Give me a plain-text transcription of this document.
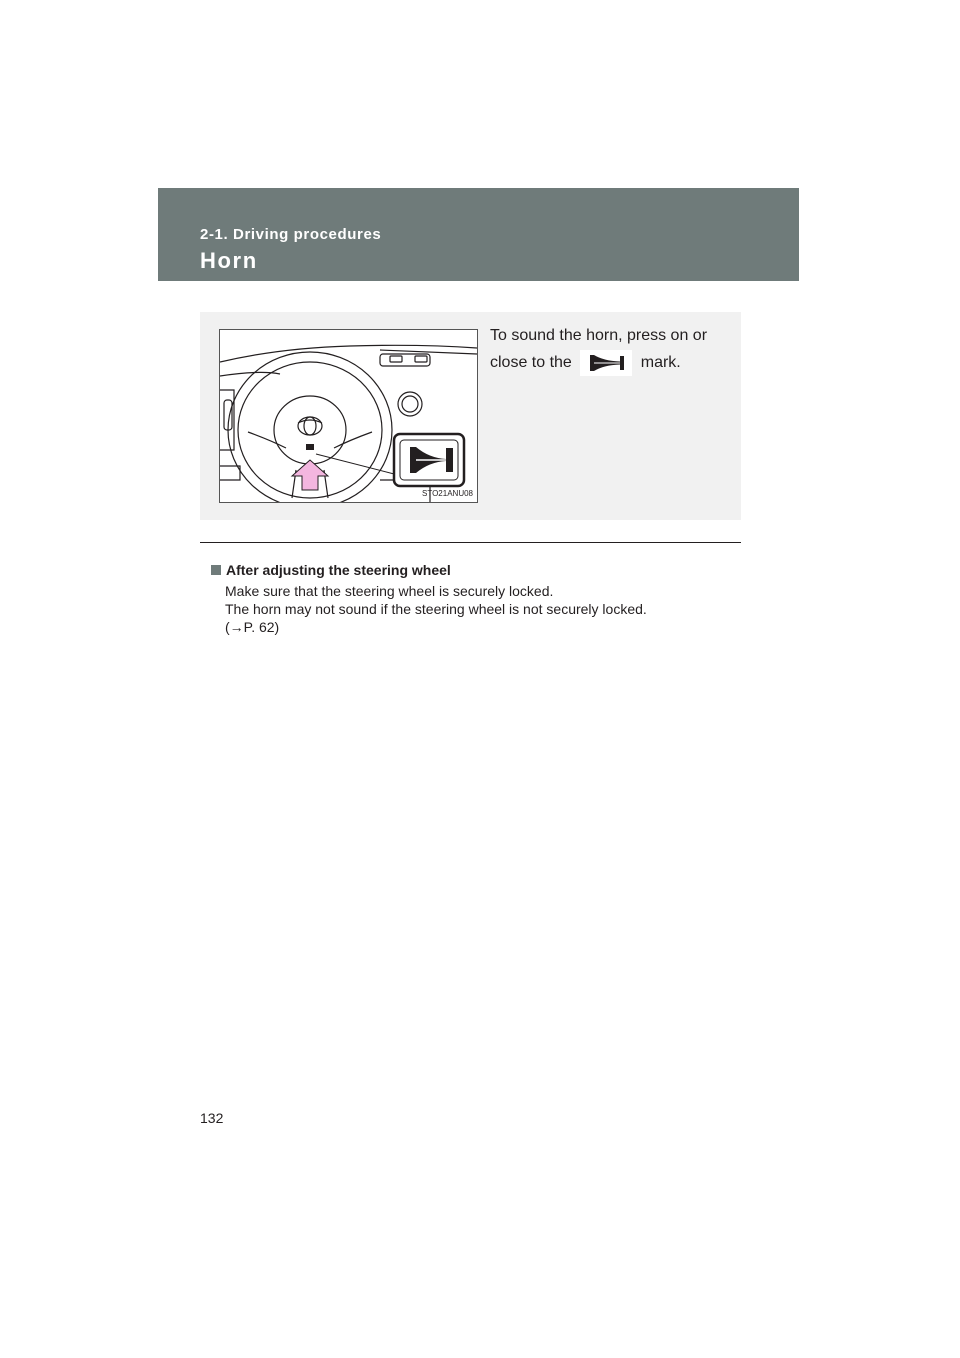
2-1. Driving procedures
Horn
STO21ANU08
To sound the horn, press on or close to the	mark.
After adjusting the steering wheel
Make sure that the steering wheel is securely locked.
The horn may not sound if the steering wheel is not securely locked.
(→P. 62)
132
